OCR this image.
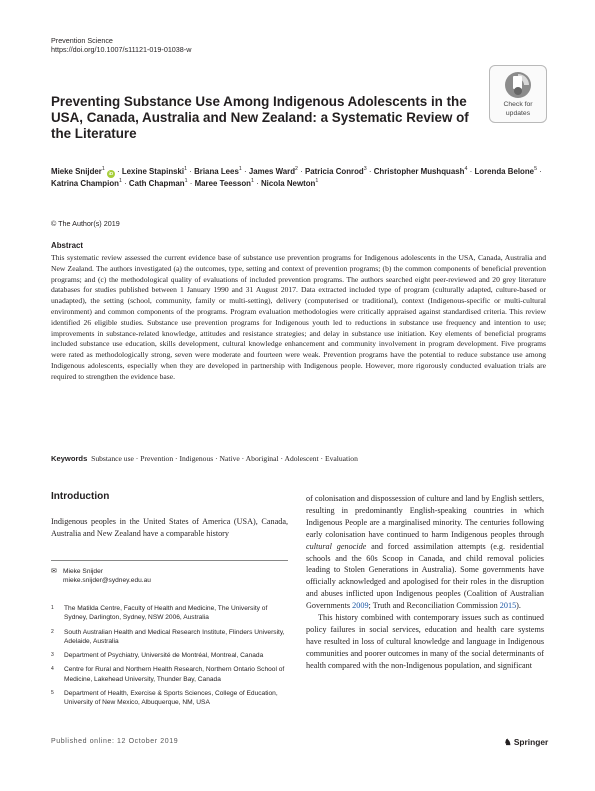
Prevention Science
https://doi.org/10.1007/s11121-019-01038-w
Check for
updates
Preventing Substance Use Among Indigenous Adolescents in the USA, Canada, Australia and New Zealand: a Systematic Review of the Literature
Mieke Snijder$^1$iD · Lexine Stapinski$^1$ · Briana Lees$^1$ · James Ward$^2$ · Patricia Conrod$^3$ · Christopher Mushquash$^4$ · Lorenda Belone$^5$ · Katrina Champion$^1$ · Cath Chapman$^1$ · Maree Teesson$^1$ · Nicola Newton$^1$
© The Author(s) 2019
Abstract
This systematic review assessed the current evidence base of substance use prevention programs for Indigenous adolescents in the USA, Canada, Australia and New Zealand. The authors investigated (a) the outcomes, type, setting and context of prevention programs; (b) the common components of beneficial prevention programs; and (c) the methodological quality of evaluations of included prevention programs. The authors searched eight peer-reviewed and 20 grey literature databases for studies published between 1 January 1990 and 31 August 2017. Data extracted included type of program (culturally adapted, culture-based or unadapted), the setting (school, community, family or multi-setting), delivery (computerised or traditional), context (Indigenous-specific or multi-cultural environment) and common components of the programs. Program evaluation methodologies were critically appraised against standardised criteria. This review identified 26 eligible studies. Substance use prevention programs for Indigenous youth led to reductions in substance use frequency and intention to use; improvements in substance-related knowledge, attitudes and resistance strategies; and delay in substance use initiation. Key elements of beneficial programs included substance use education, skills development, cultural knowledge enhancement and community involvement in program development. Five programs were rated as methodologically strong, seven were moderate and fourteen were weak. Prevention programs have the potential to reduce substance use among Indigenous adolescents, especially when they are developed in partnership with Indigenous people. However, more rigorously conducted evaluation trials are required to strengthen the evidence base.
Keywords Substance use · Prevention · Indigenous · Native · Aboriginal · Adolescent · Evaluation
Introduction
Indigenous peoples in the United States of America (USA), Canada, Australia and New Zealand have a comparable history
✉ Mieke Snijder
mieke.snijder@sydney.edu.au
1 The Matilda Centre, Faculty of Health and Medicine, The University of Sydney, Darlington, Sydney, NSW 2006, Australia
2 South Australian Health and Medical Research Institute, Flinders University, Adelaide, Australia
3 Department of Psychiatry, Université de Montréal, Montreal, Canada
4 Centre for Rural and Northern Health Research, Northern Ontario School of Medicine, Lakehead University, Thunder Bay, Canada
5 Department of Health, Exercise & Sports Sciences, College of Education, University of New Mexico, Albuquerque, NM, USA

of colonisation and dispossession of culture and land by English settlers, resulting in predominantly English-speaking countries in which Indigenous People are a marginalised minority. The centuries following early colonisation have continued to harm Indigenous peoples through cultural genocide and forced assimilation attempts (e.g. residential schools and the 60s Scoop in Canada, and child removal policies leading to Stolen Generations in Australia). Some governments have officially acknowledged and apologised for their roles in the disruption and abuses inflicted upon Indigenous peoples (Coalition of Australian Governments 2009; Truth and Reconciliation Commission 2015).

This history combined with contemporary issues such as continued policy failures in social services, education and health care systems have resulted in loss of cultural knowledge and language in Indigenous communities and poorer outcomes in many of the social determinants of health compared with the non-Indigenous population, and significant

Published online: 12 October 2019	♞ Springer
